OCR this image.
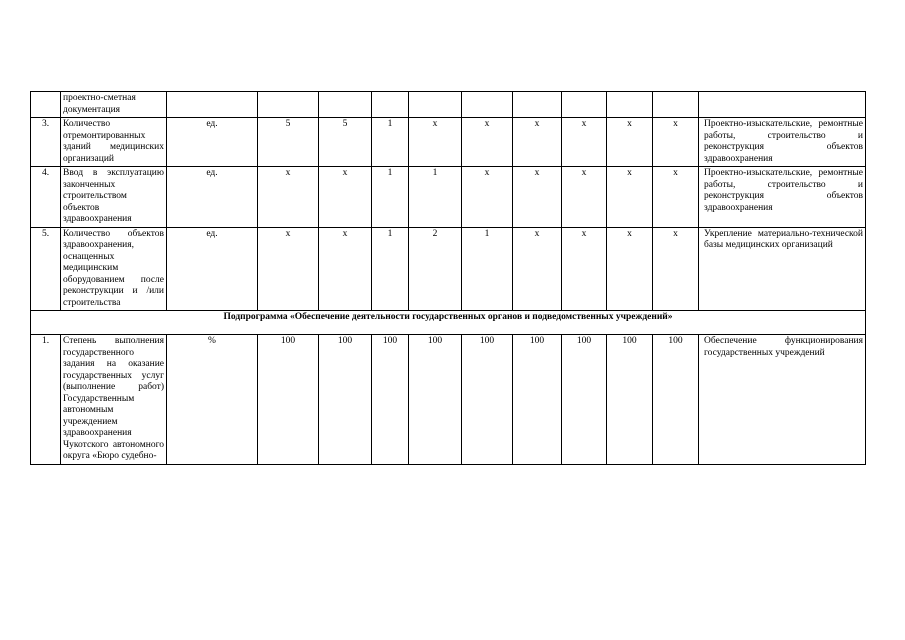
	проектно-сметная документация											
3.	Количество отремонтированных зданий медицинских организаций	ед.	5	5	1	х	х	х	х	х	х	Проектно-изыскательские, ремонтные работы, строительство и реконструкция объектов здравоохранения
4.	Ввод в эксплуатацию законченных строительством объектов здравоохранения	ед.	х	х	1	1	х	х	х	х	х	Проектно-изыскательские, ремонтные работы, строительство и реконструкция объектов здравоохранения
5.	Количество объектов здравоохранения, оснащенных медицинским оборудованием после реконструкции и /или строительства	ед.	х	х	1	2	1	х	х	х	х	Укрепление материально-технической базы медицинских организаций
Подпрограмма «Обеспечение деятельности государственных органов и подведомственных учреждений»												
1.	Степень выполнения государственного задания на оказание государственных услуг (выполнение работ) Государственным автономным учреждением здравоохранения Чукотского автономного округа «Бюро судебно-	%	100	100	100	100	100	100	100	100	100	Обеспечение функционирования государственных учреждений
